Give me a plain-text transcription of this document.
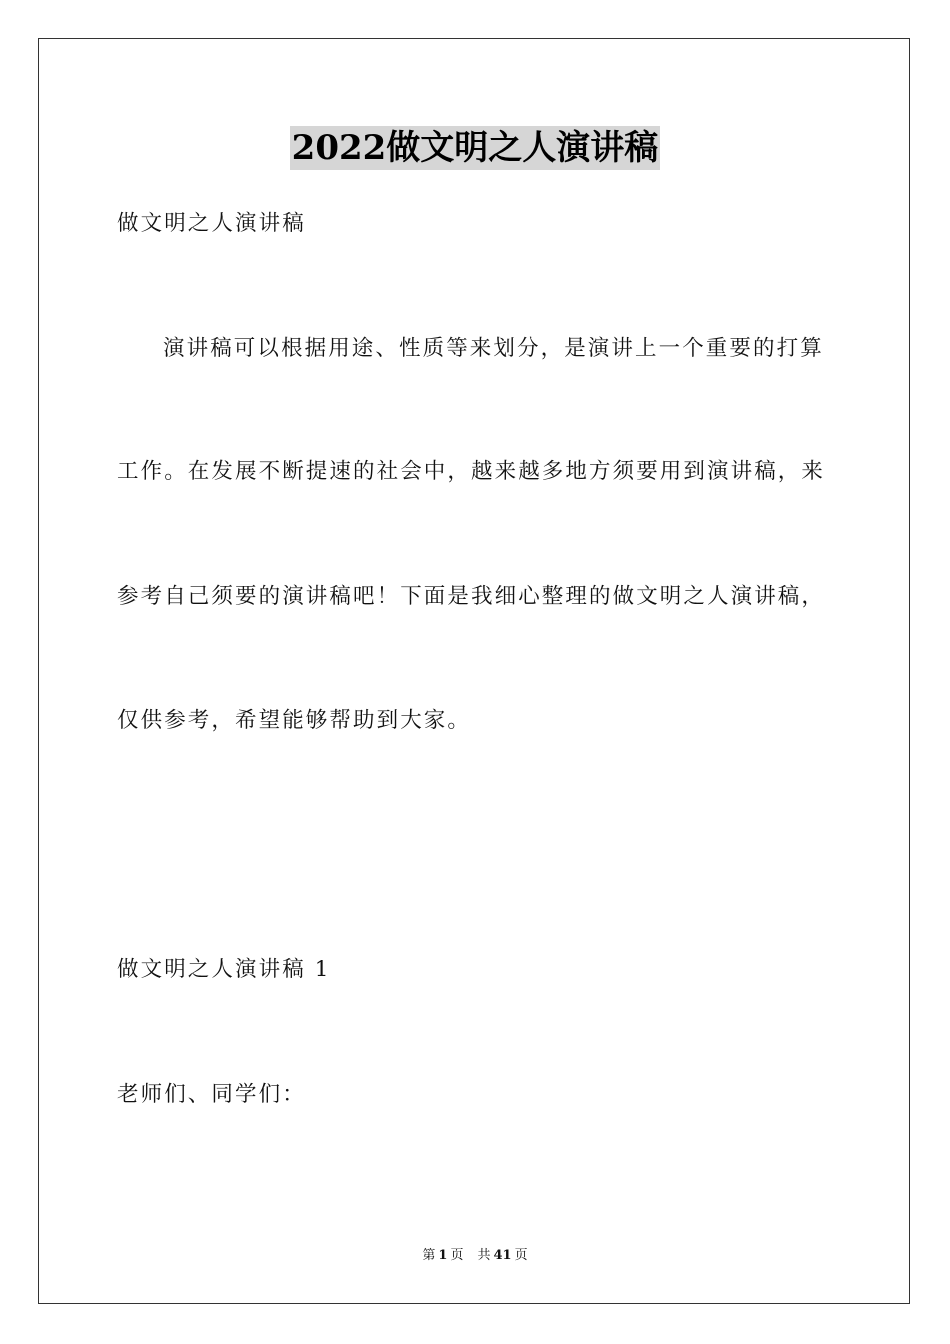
2022做文明之人演讲稿
做文明之人演讲稿
演讲稿可以根据用途、性质等来划分，是演讲上一个重要的打算
工作。在发展不断提速的社会中，越来越多地方须要用到演讲稿，来
参考自己须要的演讲稿吧！下面是我细心整理的做文明之人演讲稿，
仅供参考，希望能够帮助到大家。
做文明之人演讲稿 1
老师们、同学们：
第 1 页 共 41 页
